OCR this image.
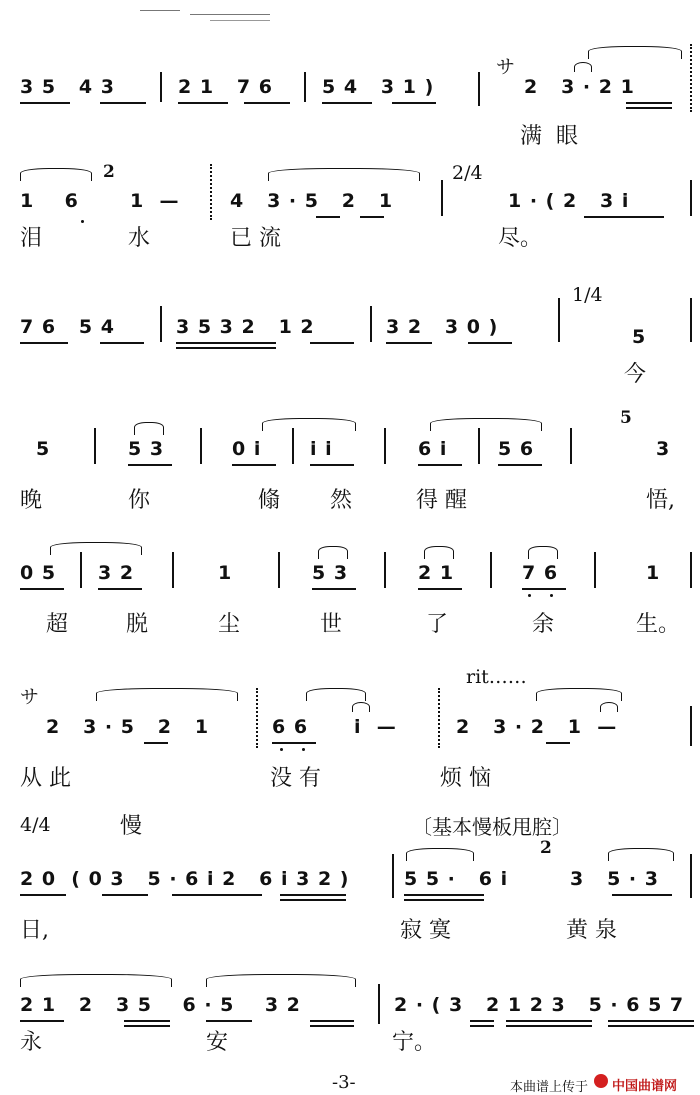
3 5   4 3	2 1   7 6	5 4   3 1 )
サ
2   3 · 2 1
满  眼
1    6
2
1  —	4   3 · 5   2   1
2/4
1 · ( 2   3 i
泪	水	已 流	尽。
7 6   5 4	3 5 3 2   1 2	3 2   3 0 )
1/4
5
今
5	5 3	0 i	i i	6 i	5 6
5
3
晚	你	翛 然	得 醒	悟,
0 5 3 2	1	5 3	2 1	7 6	1
超	脱	尘	世	了	余	生。
サ
2   3 · 5   2   1	6 6 i  —
rit……
2   3 · 2   1  —
从 此	没 有	烦 恼
4/4	慢	〔基本慢板甩腔〕
2 0  ( 0 3   5 · 6 i 2   6 i 3 2 )	5 5 ·   6 i
2
3   5 · 3
日,	寂 寞	黄 泉
2 1   2   3 5    6 · 5    3 2	2 · ( 3   2 1 2 3   5 · 6 5 7
永	安	宁。
-3-	本曲谱上传于 中国曲谱网
